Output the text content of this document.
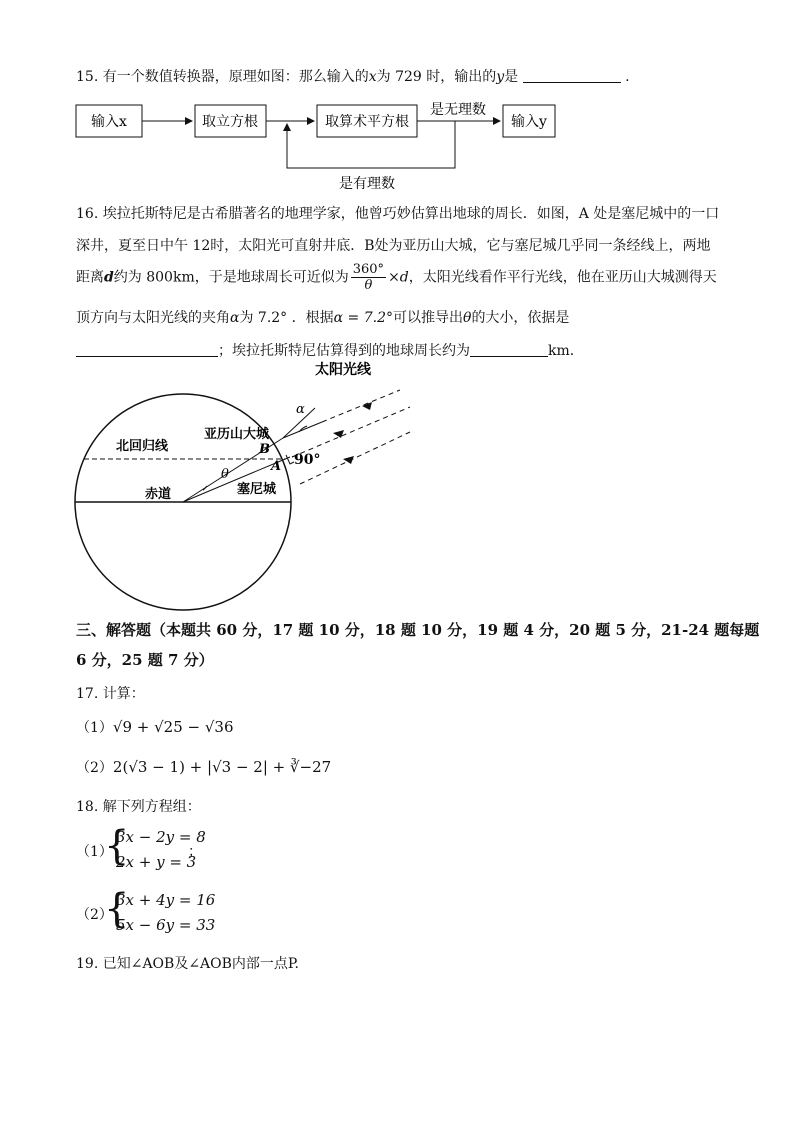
15. 有一个数值转换器，原理如图：那么输入的x为 729 时，输出的y是	.
输入x	取立方根	取算术平方根
是无理数
输入y
是有理数
16. 埃拉托斯特尼是古希腊著名的地理学家，他曾巧妙估算出地球的周长．如图，A 处是塞尼城中的一口
深井，夏至日中午 12时，太阳光可直射井底．B处为亚历山大城，它与塞尼城几乎同一条经线上，两地
距离d约为 800km，于是地球周长可近似为 $\frac{360^\circ}{\theta} \times d$，太阳光线看作平行光线，他在亚历山大城测得天
顶方向与太阳光线的夹角α为 7.2° ．根据α = 7.2°可以推导出θ的大小，依据是
；埃拉托斯特尼估算得到的地球周长约为	km．
太阳光线
α
亚历山大城
北回归线	B
A 90°
θ
赤道	塞尼城
三、解答题（本题共 60 分，17 题 10 分，18 题 10 分，19 题 4 分，20 题 5 分，21-24 题每题
6 分，25 题 7 分）
17. 计算：
（1）√9 + √25 − √36
（2）2(√3 − 1) + |√3 − 2| + ∛−27
18. 解下列方程组：
（1）
{
3x − 2y = 8
2x + y = 3
；
（2）
{
3x + 4y = 16
5x − 6y = 33
19. 已知∠AOB及∠AOB内部一点P.
